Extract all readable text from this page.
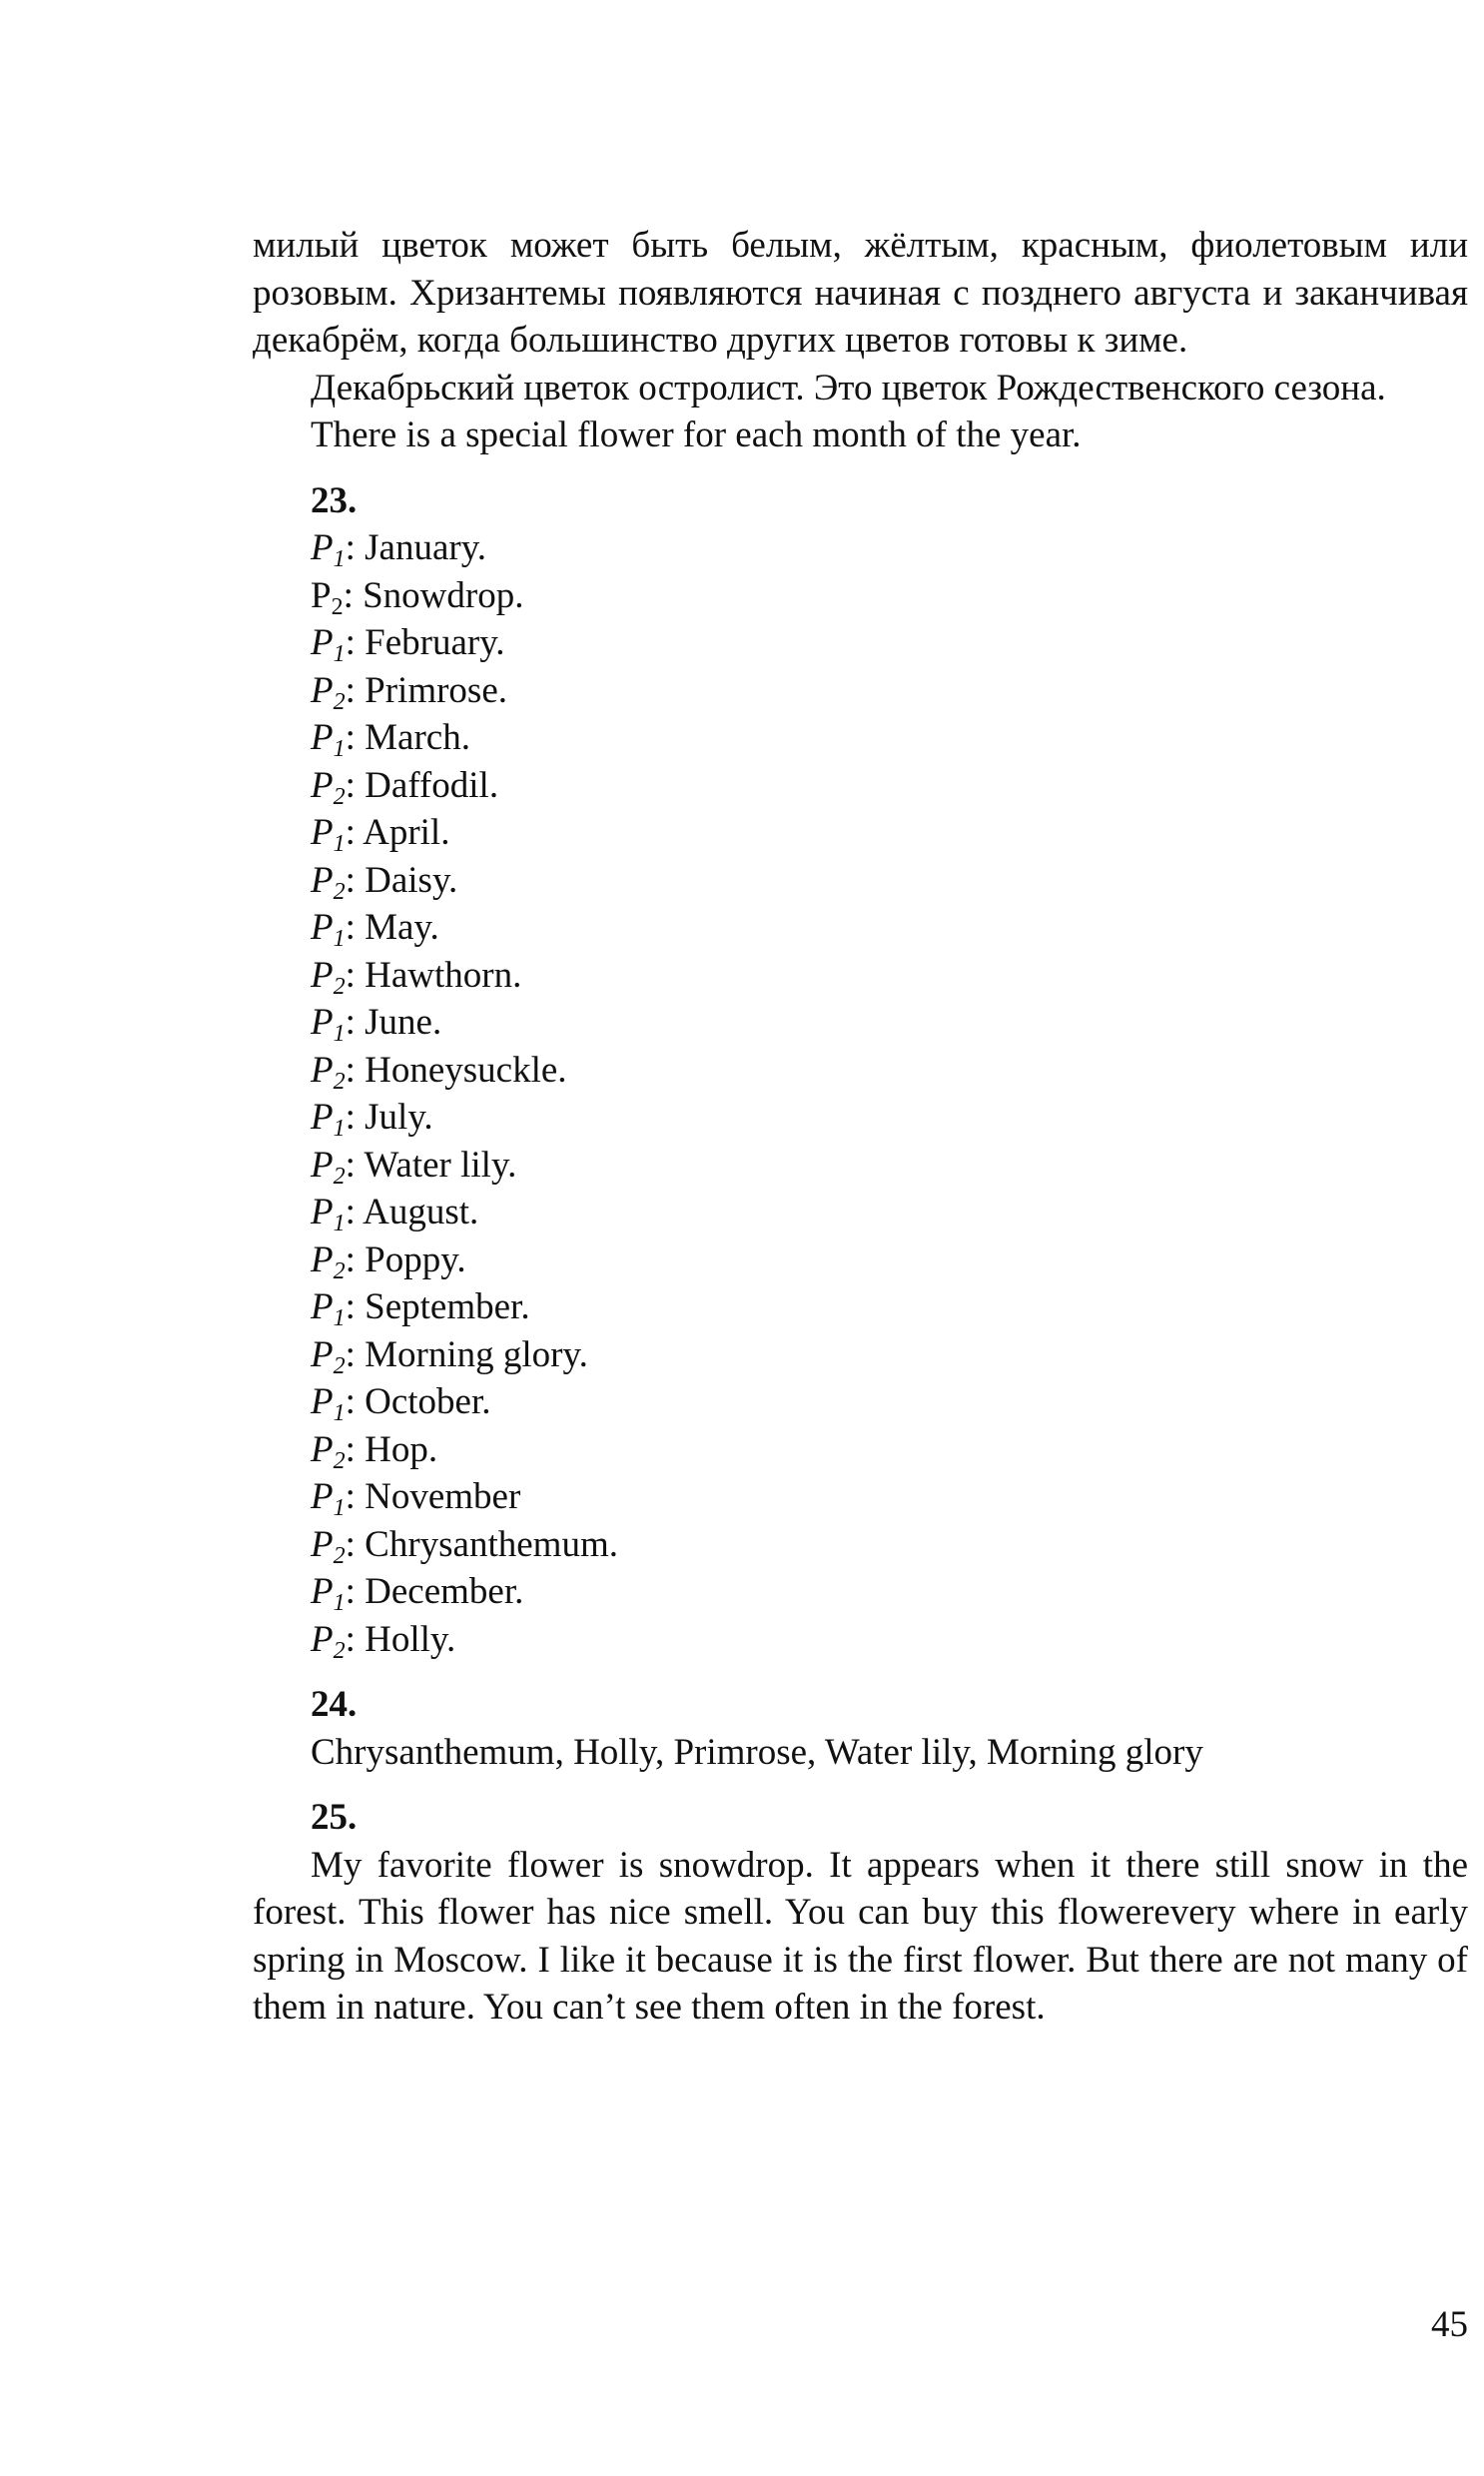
милый цветок может быть белым, жёлтым, красным, фиолетовым или розовым. Хризантемы появляются начиная с позднего августа и заканчивая декабрём, когда большинство других цветов готовы к зиме.

Декабрьский цветок остролист. Это цветок Рождественского сезона.

There is a special flower for each month of the year.

23.

$P_1$: January.
$P_2$: Snowdrop.
$P_1$: February.
$P_2$: Primrose.
$P_1$: March.
$P_2$: Daffodil.
$P_1$: April.
$P_2$: Daisy.
$P_1$: May.
$P_2$: Hawthorn.
$P_1$: June.
$P_2$: Honeysuckle.
$P_1$: July.
$P_2$: Water lily.
$P_1$: August.
$P_2$: Poppy.
$P_1$: September.
$P_2$: Morning glory.
$P_1$: October.
$P_2$: Hop.
$P_1$: November
$P_2$: Chrysanthemum.
$P_1$: December.
$P_2$: Holly.

24.

Chrysanthemum, Holly, Primrose, Water lily, Morning glory

25.

My favorite flower is snowdrop. It appears when it there still snow in the forest. This flower has nice smell. You can buy this flowerevery where in early spring in Moscow. I like it because it is the first flower. But there are not many of them in nature. You can’t see them often in the forest.

45
